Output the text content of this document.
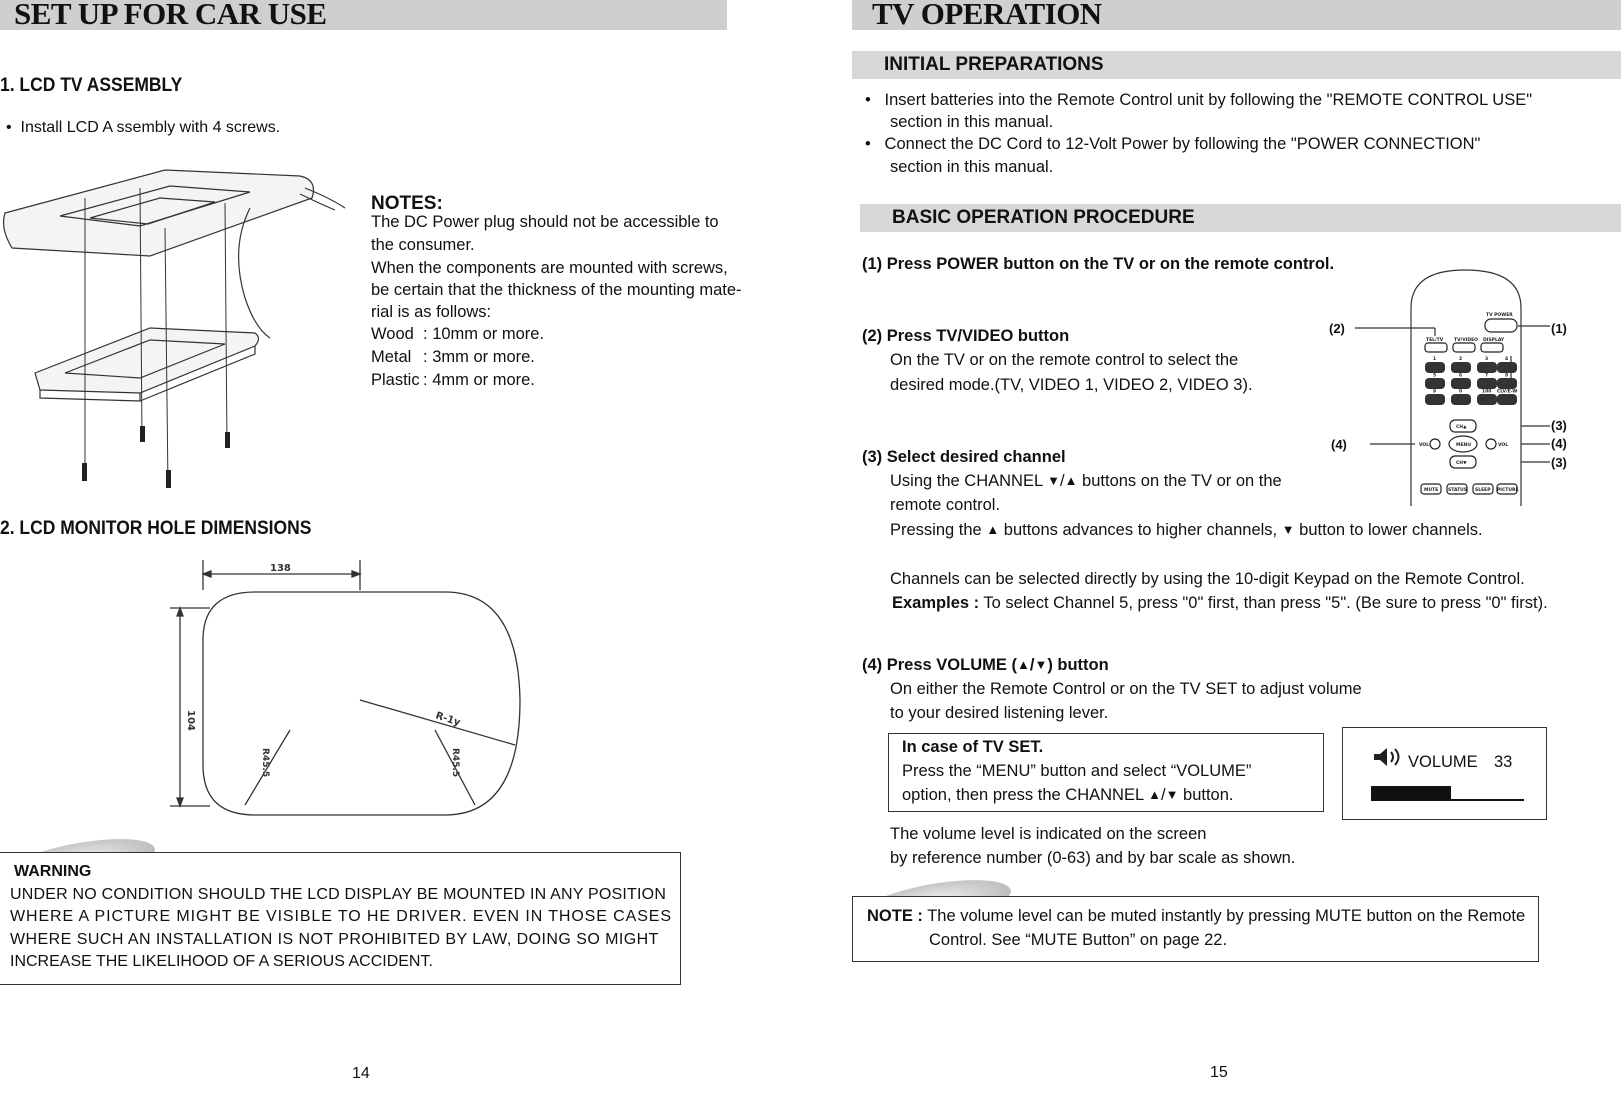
SET UP FOR CAR USE
1. LCD TV ASSEMBLY
• Install LCD A ssembly with 4 screws.
NOTES:
The DC Power plug should not be accessible to
the consumer.
When the components are mounted with screws,
be certain that the thickness of the mounting mate-
rial is as follows:
Wood : 10mm or more.
Metal : 3mm or more.
Plastic : 4mm or more.
2. LCD MONITOR HOLE DIMENSIONS
138
104	R-1y
R45.5	R45.5
WARNING
UNDER NO CONDITION SHOULD THE LCD DISPLAY BE MOUNTED IN ANY POSITION
WHERE A PICTURE MIGHT BE VISIBLE TO HE DRIVER. EVEN IN THOSE CASES
WHERE SUCH AN INSTALLATION IS NOT PROHIBITED BY LAW, DOING SO MIGHT
INCREASE THE LIKELIHOOD OF A SERIOUS ACCIDENT.
14
TV OPERATION
INITIAL PREPARATIONS
• Insert batteries into the Remote Control unit by following the "REMOTE CONTROL USE"
section in this manual.
• Connect the DC Cord to 12-Volt Power by following the "POWER CONNECTION"
section in this manual.
BASIC OPERATION PROCEDURE
(1) Press POWER button on the TV or on the remote control.
(2) Press TV/VIDEO button
On the TV or on the remote control to select the
desired mode.(TV, VIDEO 1, VIDEO 2, VIDEO 3).
(3) Select desired channel
Using the CHANNEL ▼/▲ buttons on the TV or on the
remote control.
Pressing the ▲ buttons advances to higher channels, ▼ button to lower channels.
Channels can be selected directly by using the 10-digit Keypad on the Remote Control.
Examples : To select Channel 5, press "0" first, than press "5". (Be sure to press "0" first).
(4) Press VOLUME (▲/▼) button
On either the Remote Control or on the TV SET to adjust volume
to your desired listening lever.
In case of TV SET.
Press the “MENU” button and select “VOLUME”
option, then press the CHANNEL ▲/▼ button.
VOLUME 33
The volume level is indicated on the screen
by reference number (0-63) and by bar scale as shown.
NOTE : The volume level can be muted instantly by pressing MUTE button on the Remote
Control. See “MUTE Button” on page 22.
TV POWER
TEL/TV TV/VIDEO DISPLAY
1	2	3	4
5	6	7	8
9	0	100 CLV/E-W
CH▲
MENU
CH▼
VOL	VOL
MUTE STATUS SLEEP PICTURE
(2)	(1)
(3)
(4)
(3)
(4)
15
